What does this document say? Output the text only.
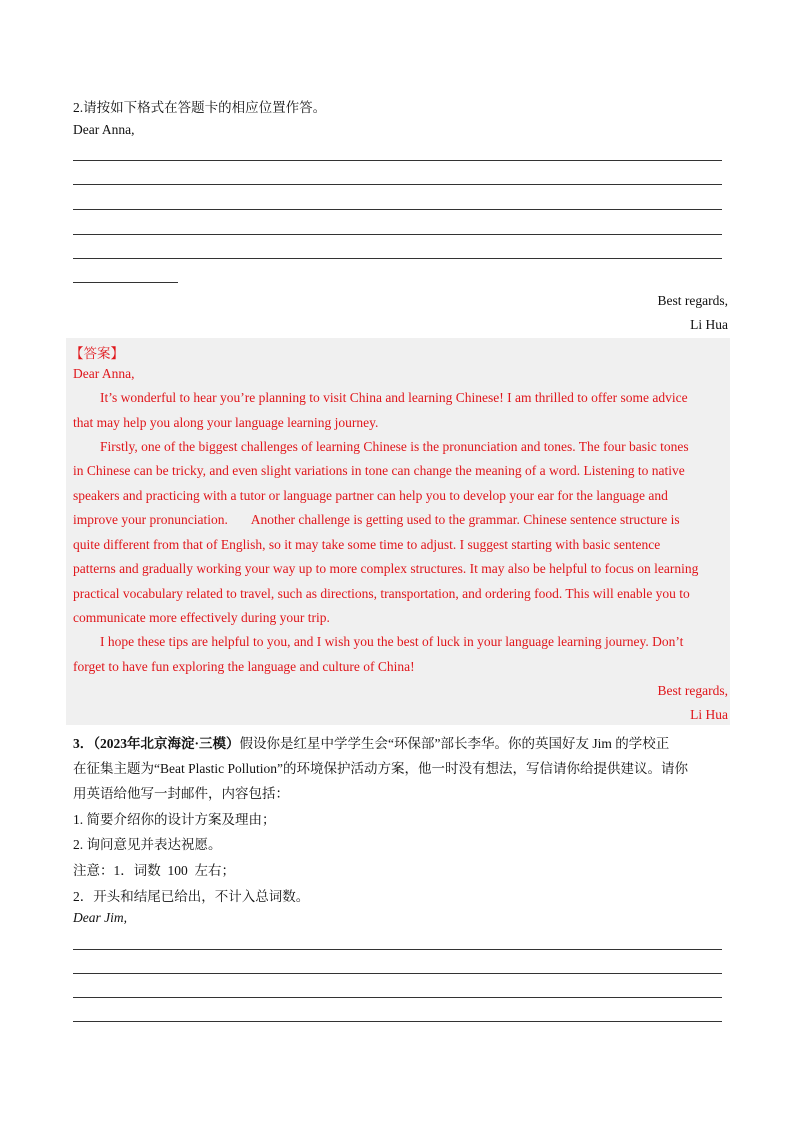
2.请按如下格式在答题卡的相应位置作答。
Dear Anna,
Best regards,
Li Hua
【答案】
Dear Anna,
It’s wonderful to hear you’re planning to visit China and learning Chinese! I am thrilled to offer some advice
that may help you along your language learning journey.
Firstly, one of the biggest challenges of learning Chinese is the pronunciation and tones. The four basic tones
in Chinese can be tricky, and even slight variations in tone can change the meaning of a word. Listening to native
speakers and practicing with a tutor or language partner can help you to develop your ear for the language and
improve your pronunciation.       Another challenge is getting used to the grammar. Chinese sentence structure is
quite different from that of English, so it may take some time to adjust. I suggest starting with basic sentence
patterns and gradually working your way up to more complex structures. It may also be helpful to focus on learning
practical vocabulary related to travel, such as directions, transportation, and ordering food. This will enable you to
communicate more effectively during your trip.
I hope these tips are helpful to you, and I wish you the best of luck in your language learning journey. Don’t
forget to have fun exploring the language and culture of China!
Best regards,
Li Hua
3．（2023年北京海淀·三模）假设你是红星中学学生会“环保部”部长李华。你的英国好友 Jim 的学校正
在征集主题为“Beat Plastic Pollution”的环境保护活动方案，他一时没有想法，写信请你给提供建议。请你
用英语给他写一封邮件，内容包括：
1. 简要介绍你的设计方案及理由；
2. 询问意见并表达祝愿。
注意：1．词数  100  左右；
2．开头和结尾已给出，不计入总词数。
Dear Jim,
